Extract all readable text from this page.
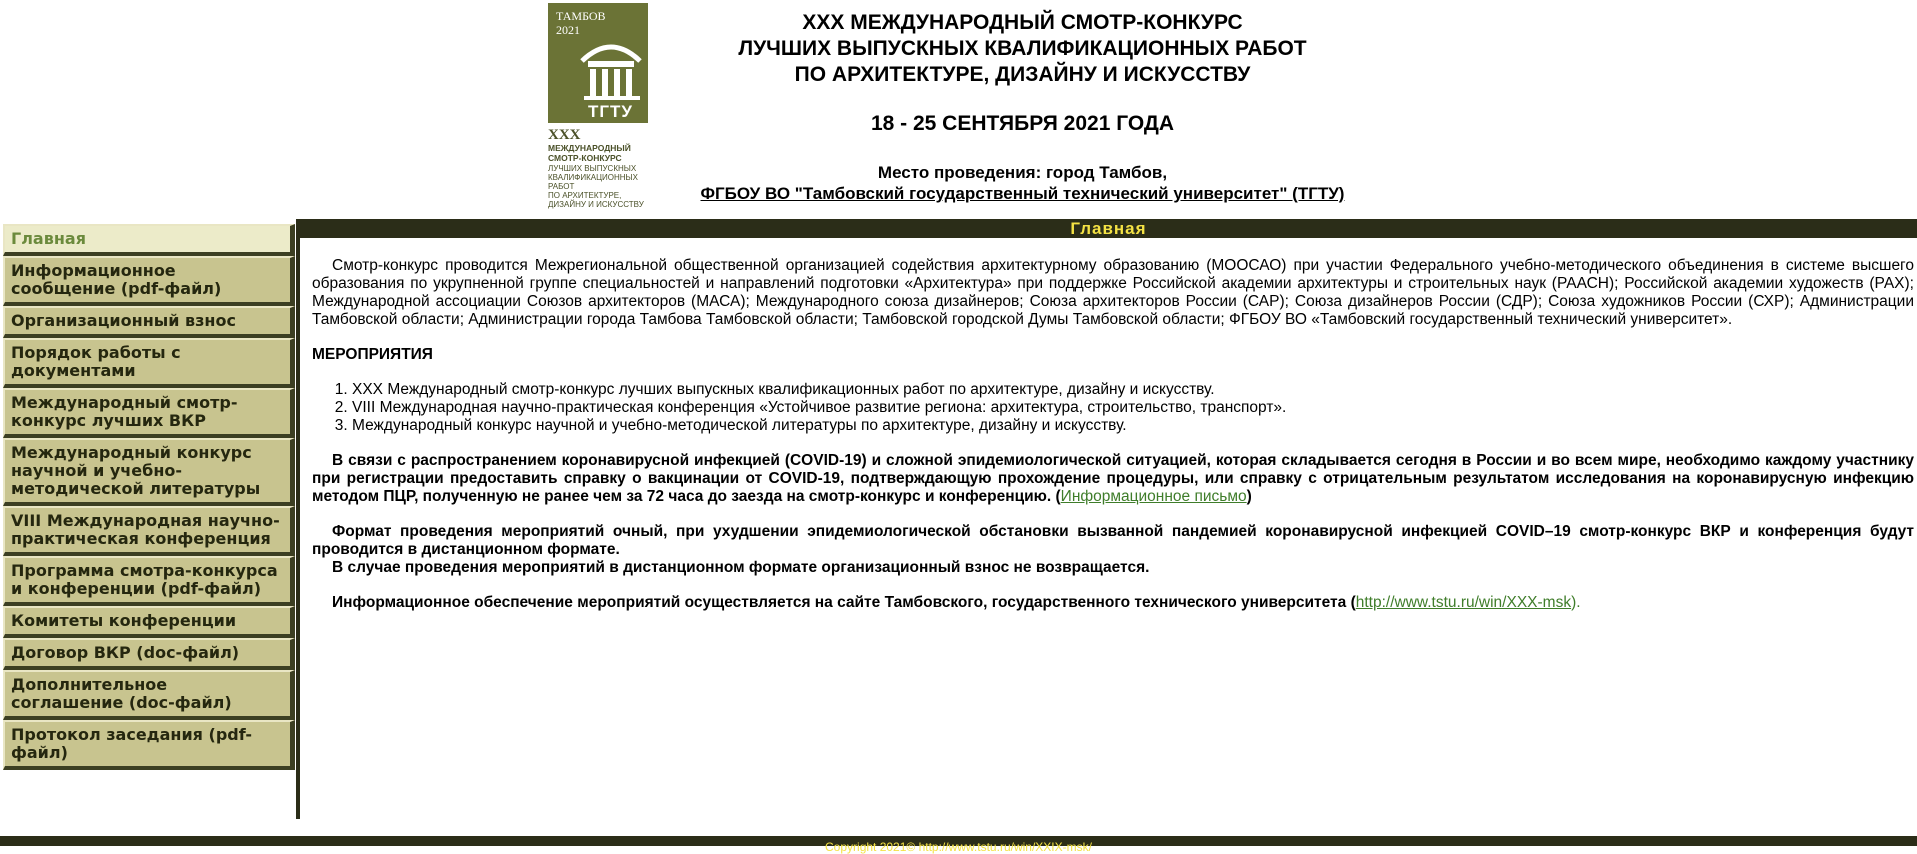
ТАМБОВ
2021
ТГТУ
XXX
МЕЖДУНАРОДНЫЙ
СМОТР-КОНКУРС
ЛУЧШИХ ВЫПУСКНЫХ
КВАЛИФИКАЦИОННЫХ
РАБОТ
ПО АРХИТЕКТУРЕ,
ДИЗАЙНУ И ИСКУССТВУ
XXX МЕЖДУНАРОДНЫЙ СМОТР-КОНКУРС
ЛУЧШИХ ВЫПУСКНЫХ КВАЛИФИКАЦИОННЫХ РАБОТ
ПО АРХИТЕКТУРЕ, ДИЗАЙНУ И ИСКУССТВУ
18 - 25 СЕНТЯБРЯ 2021 ГОДА
Место проведения: город Тамбов,
ФГБОУ ВО "Тамбовский государственный технический университет" (ТГТУ)
Главная
Информационное сообщение (pdf-файл)
Организационный взнос
Порядок работы с документами
Международный смотр-конкурс лучших ВКР
Международный конкурс научной и учебно-методической литературы
VIII Международная научно-практическая конференция
Программа смотра-конкурса и конференции (pdf-файл)
Комитеты конференции
Договор ВКР (doc-файл)
Дополнительное соглашение (doc-файл)
Протокол заседания (pdf-файл)
Главная

Смотр-конкурс проводится Межрегиональной общественной организацией содействия архитектурному образованию (МООСАО) при участии Федерального учебно-методического объединения в системе высшего образования по укрупненной группе специальностей и направлений подготовки «Архитектура» при поддержке Российской академии архитектуры и строительных наук (РААСН); Российской академии художеств (РАХ); Международной ассоциации Союзов архитекторов (МАСА); Международного союза дизайнеров; Союза архитекторов России (САР); Союза дизайнеров России (СДР); Союза художников России (СХР); Администрации Тамбовской области; Администрации города Тамбова Тамбовской области; Тамбовской городской Думы Тамбовской области; ФГБОУ ВО «Тамбовский государственный технический университет».

МЕРОПРИЯТИЯ

1. XXX Международный смотр-конкурс лучших выпускных квалификационных работ по архитектуре, дизайну и искусству.
2. VIII Международная научно-практическая конференция «Устойчивое развитие региона: архитектура, строительство, транспорт».
3. Международный конкурс научной и учебно-методической литературы по архитектуре, дизайну и искусству.

В связи с распространением коронавирусной инфекцией (COVID-19) и сложной эпидемиологической ситуацией, которая складывается сегодня в России и во всем мире, необходимо каждому участнику при регистрации предоставить справку о вакцинации от COVID-19, подтверждающую прохождение процедуры, или справку с отрицательным результатом исследования на коронавирусную инфекцию методом ПЦР, полученную не ранее чем за 72 часа до заезда на смотр-конкурс и конференцию. (Информационное письмо)

Формат проведения мероприятий очный, при ухудшении эпидемиологической обстановки вызванной пандемией коронавирусной инфекцией COVID–19 смотр-конкурс ВКР и конференция будут проводится в дистанционном формате.

В случае проведения мероприятий в дистанционном формате организационный взнос не возвращается.

Информационное обеспечение мероприятий осуществляется на сайте Тамбовского, государственного технического университета (http://www.tstu.ru/win/XXX-msk).

Copyright 2021© http://www.tstu.ru/win/XXIX-msk/
